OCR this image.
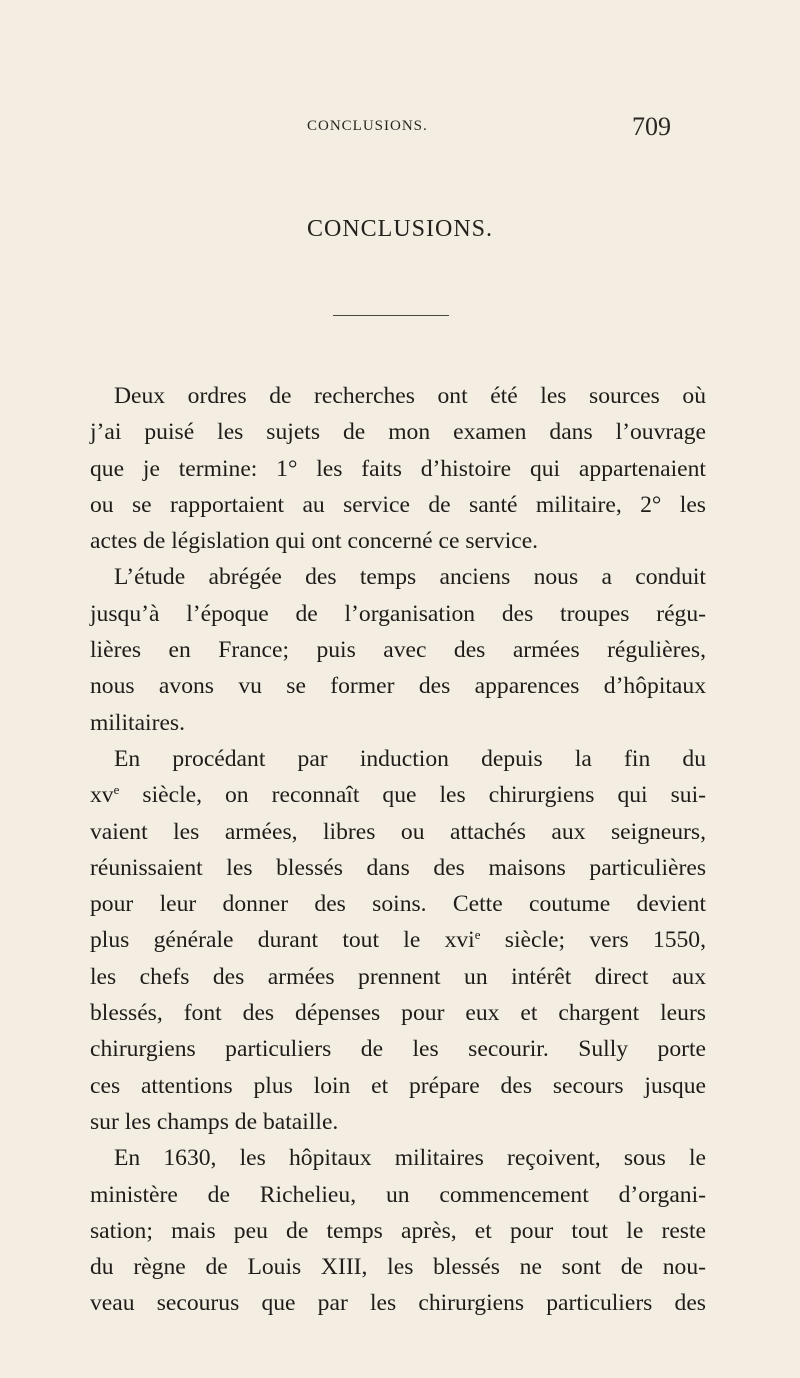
CONCLUSIONS.	709
CONCLUSIONS.
Deux ordres de recherches ont été les sources où
j’ai puisé les sujets de mon examen dans l’ouvrage
que je termine: 1° les faits d’histoire qui appartenaient
ou se rapportaient au service de santé militaire, 2° les
actes de législation qui ont concerné ce service.
L’étude abrégée des temps anciens nous a conduit
jusqu’à l’époque de l’organisation des troupes régu-
lières en France; puis avec des armées régulières,
nous avons vu se former des apparences d’hôpitaux
militaires.
En procédant par induction depuis la fin du
$xv^e$ siècle, on reconnaît que les chirurgiens qui sui-
vaient les armées, libres ou attachés aux seigneurs,
réunissaient les blessés dans des maisons particulières
pour leur donner des soins. Cette coutume devient
plus générale durant tout le xvi$^e$ siècle; vers 1550,
les chefs des armées prennent un intérêt direct aux
blessés, font des dépenses pour eux et chargent leurs
chirurgiens particuliers de les secourir. Sully porte
ces attentions plus loin et prépare des secours jusque
sur les champs de bataille.
En 1630, les hôpitaux militaires reçoivent, sous le
ministère de Richelieu, un commencement d’organi-
sation; mais peu de temps après, et pour tout le reste
du règne de Louis XIII, les blessés ne sont de nou-
veau secourus que par les chirurgiens particuliers des
